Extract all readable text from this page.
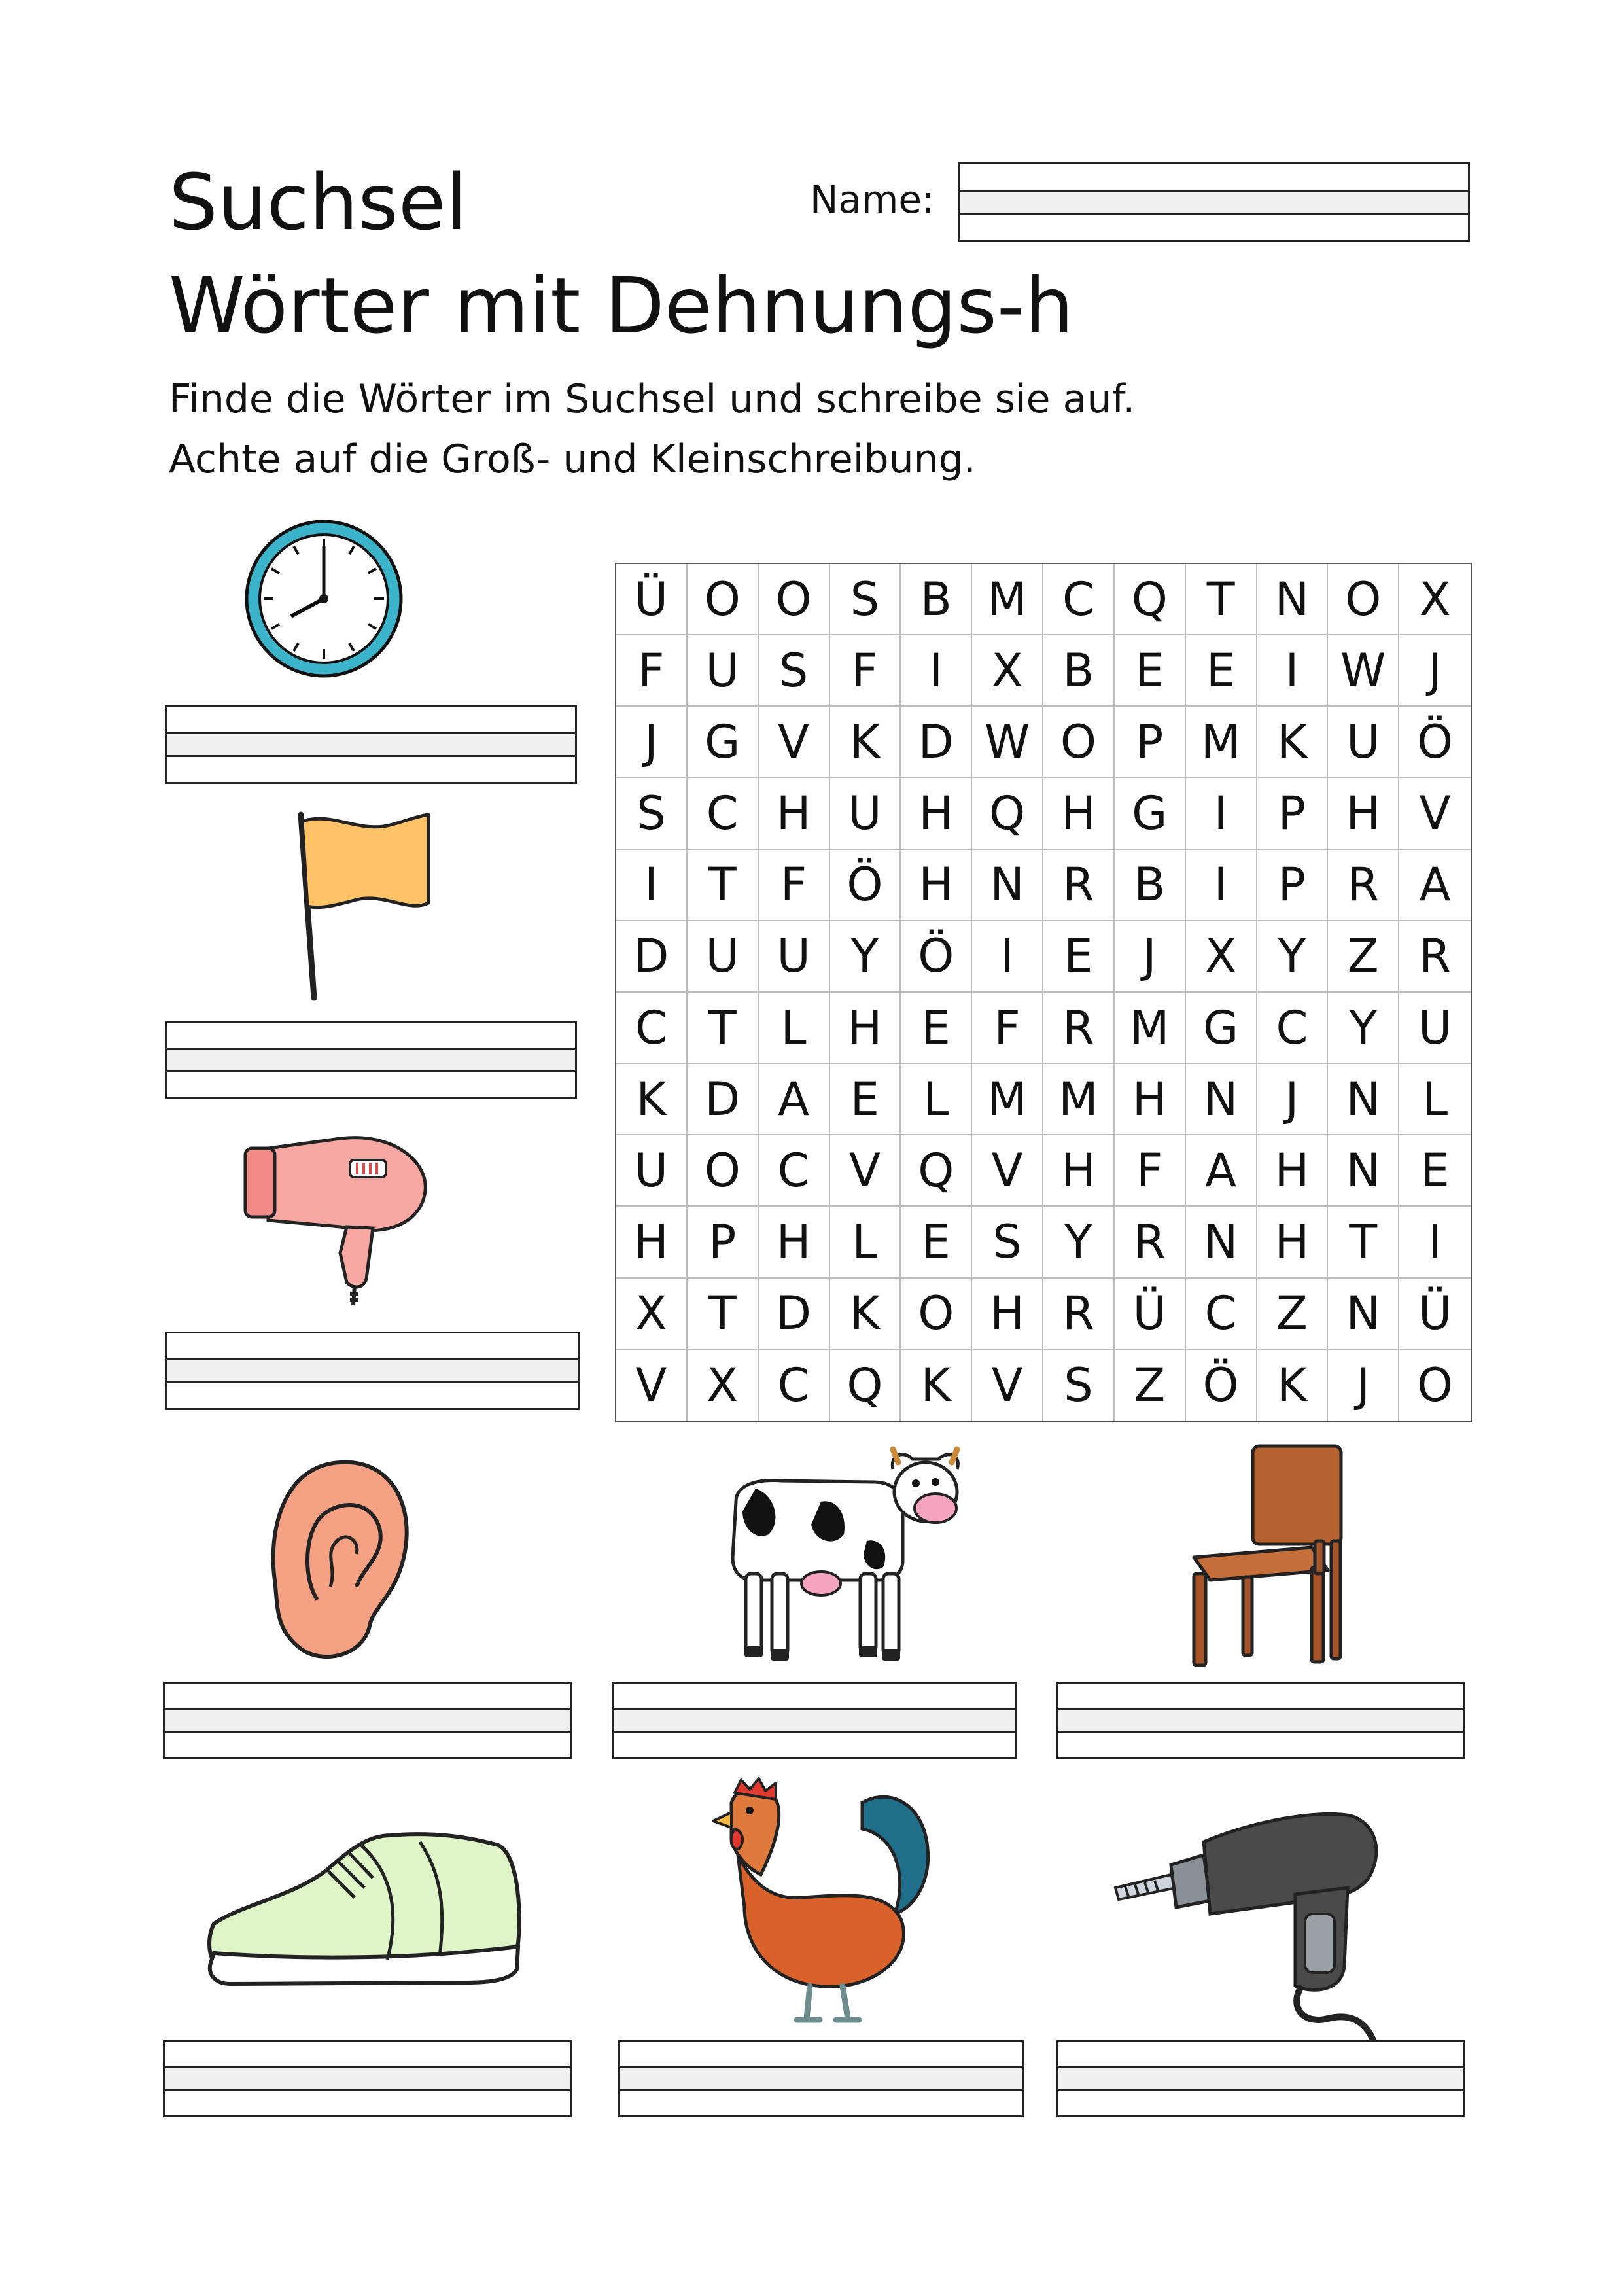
Suchsel
Wörter mit Dehnungs-h
Name:
Finde die Wörter im Suchsel und schreibe sie auf.
Achte auf die Groß- und Kleinschreibung.
Ü O O S B M C Q T N O X
F U S F	I	X B E E	I W J
J	G V K D W O P M K U Ö
S C H U H Q H G	I	P H V
I	T F Ö H N R B	I	P R A
D U U Y Ö	I	E	J	X Y Z R
C T L H E F R M G C Y U
K D A E L M M H N	J	N L
U O C V Q V H F A H N E
H P H L E S Y R N H T	I
X T D K O H R Ü C Z N Ü
V X C Q K V S Z Ö K	J	O
